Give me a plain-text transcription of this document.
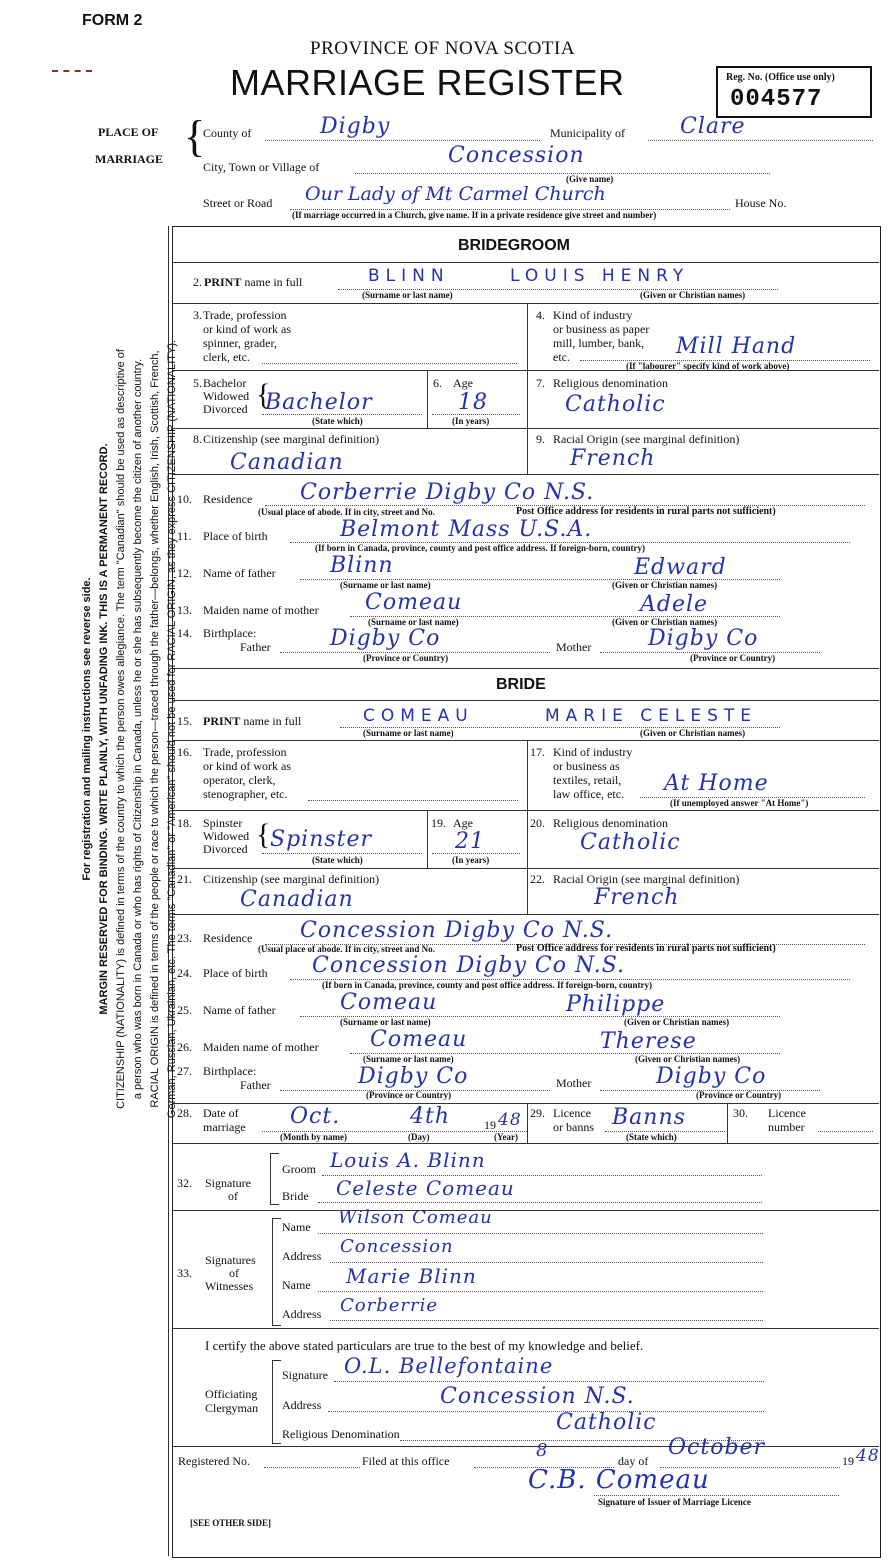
FORM 2
PROVINCE OF NOVA SCOTIA
MARRIAGE REGISTER	Reg. No. (Office use only)
004577
PLACE OF
MARRIAGE {
County of	Digby	Municipality of	Clare
City, Town or Village of	Concession
(Give name)
Street or Road Our Lady of Mt Carmel Church	House No.
(If marriage occurred in a Church, give name. If in a private residence give street and number)
BRIDEGROOM
2. PRINT name in full	BLINN	LOUIS HENRY
(Surname or last name)	(Given or Christian names)
3. Trade, profession
or kind of work as
spinner, grader,
clerk, etc.
4. Kind of industry
or business as paper
mill, lumber, bank,
etc.	Mill Hand
(If "labourer" specify kind of work above)
5. Bachelor
Widowed
Divorced {
Bachelor
(State which)
6. Age
18
(In years)
7. Religious denomination
Catholic
8. Citizenship (see marginal definition)
Canadian
9. Racial Origin (see marginal definition)
French
10. Residence Corberrie Digby Co N.S.
(Usual place of abode. If in city, street and No.	Post Office address for residents in rural parts not sufficient)
11. Place of birth	Belmont Mass U.S.A.
(If born in Canada, province, county and post office address. If foreign-born, country)
12. Name of father Blinn	Edward
(Surname or last name)	(Given or Christian names)
13. Maiden name of mother Comeau	Adele
(Surname or last name)	(Given or Christian names)
14. Birthplace:
Father	Digby Co	Mother	Digby Co
(Province or Country)	(Province or Country)
BRIDE
15. PRINT name in full	COMEAU	MARIE CELESTE
(Surname or last name)	(Given or Christian names)
16. Trade, profession
or kind of work as
operator, clerk,
stenographer, etc.
17. Kind of industry
or business as
textiles, retail,
law office, etc. At Home
(If unemployed answer "At Home")
18. Spinster
Widowed
Divorced { Spinster
(State which)
19. Age
21
(In years)
20. Religious denomination
Catholic
21. Citizenship (see marginal definition)
Canadian
22. Racial Origin (see marginal definition)
French
23. Residence Concession Digby Co N.S.
(Usual place of abode. If in city, street and No.	Post Office address for residents in rural parts not sufficient)
24. Place of birth Concession Digby Co N.S.
(If born in Canada, province, county and post office address. If foreign-born, country)
25. Name of father	Comeau	Philippe
(Surname or last name)	(Given or Christian names)
26. Maiden name of mother Comeau	Therese
(Surname or last name)	(Given or Christian names)
27. Birthplace:
Father	Digby Co	Mother	Digby Co
(Province or Country)	(Province or Country)
28. Date of
marriage Oct.	4th	19 48
(Month by name)	(Day)	(Year)
29. Licence
or banns Banns
(State which)
30. Licence
number
32. Signature
of
Groom Louis A. Blinn
Bride Celeste Comeau
Signatures
of
Witnesses
33.
Name Wilson Comeau
Address Concession
Name Marie Blinn
Address Corberrie
I certify the above stated particulars are true to the best of my knowledge and belief.
Officiating
Clergyman
Signature O.L. Bellefontaine
Address	Concession N.S.
Religious Denomination	Catholic
Registered No.	Filed at this office	8	day of
October
19 48
C.B. Comeau
Signature of Issuer of Marriage Licence
[SEE OTHER SIDE]
For registration and mailing instructions see reverse side. MARGIN RESERVED FOR BINDING. WRITE PLAINLY, WITH UNFADING INK. THIS IS A PERMANENT RECORD. CITIZENSHIP (NATIONALITY) is defined in terms of the country to which the person owes allegiance. The term "Canadian" should be used as descriptive of a person who was born in Canada or who has rights of Citizenship in Canada, unless he or she has subsequently become the citizen of another country. RACIAL ORIGIN is defined in terms of the people or race to which the person—traced through the father—belongs, whether English, Irish, Scottish, French, German, Russian, Ukrainian, etc. The terms "Canadian" or "American" should not be used for RACIAL ORIGIN, as they express CITIZENSHIP (NATIONALITY).
